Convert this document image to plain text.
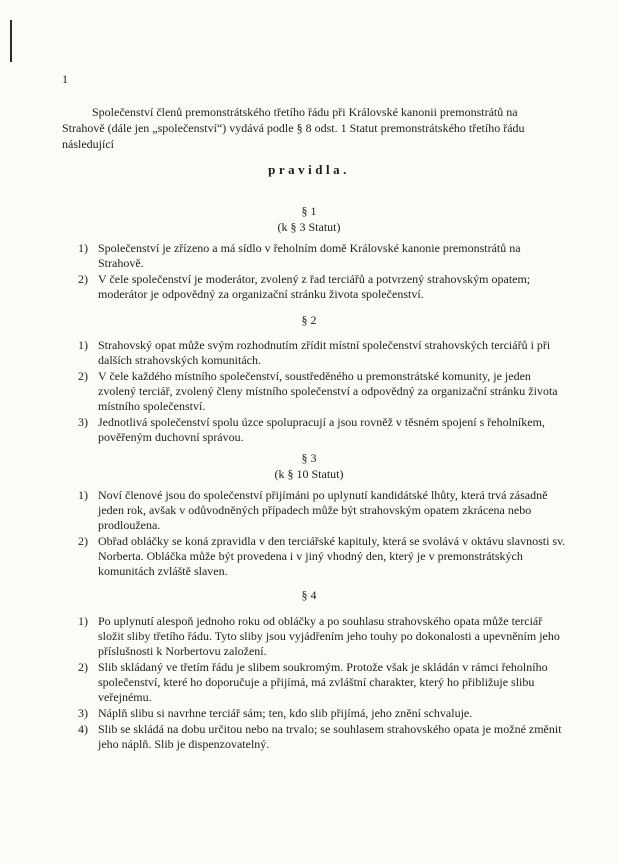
1

Společenství členů premonstrátského třetího řádu při Královské kanonii premonstrátů na
Strahově (dále jen „společenství“) vydává podle § 8 odst. 1 Statut premonstrátského třetího řádu následující

pravidla.
§ 1
(k § 3 Statut)
1) Společenství je zřízeno a má sídlo v řeholním domě Královské kanonie premonstrátů na Strahově.
2) V čele společenství je moderátor, zvolený z řad terciářů a potvrzený strahovským opatem; moderátor je odpovědný za organizační stránku života společenství.
§ 2
1) Strahovský opat může svým rozhodnutím zřídit místní společenství strahovských terciářů i při dalších strahovských komunitách.
2) V čele každého místního společenství, soustředěného u premonstrátské komunity, je jeden zvolený terciář, zvolený členy místního společenství a odpovědný za organizační stránku života místního společenství.
3) Jednotlivá společenství spolu úzce spolupracují a jsou rovněž v těsném spojení s řeholníkem, pověřeným duchovní správou.
§ 3
(k § 10 Statut)
1) Noví členové jsou do společenství přijímáni po uplynutí kandidátské lhůty, která trvá zásadně jeden rok, avšak v odůvodněných případech může být strahovským opatem zkrácena nebo prodloužena.
2) Obřad obláčky se koná zpravidla v den terciářské kapituly, která se svolává v oktávu slavnosti sv. Norberta. Obláčka může být provedena i v jiný vhodný den, který je v premonstrátských komunitách zvláště slaven.
§ 4
1) Po uplynutí alespoň jednoho roku od obláčky a po souhlasu strahovského opata může terciář složit sliby třetího řádu. Tyto sliby jsou vyjádřením jeho touhy po dokonalosti a upevněním jeho příslušnosti k Norbertovu založení.
2) Slib skládaný ve třetím řádu je slibem soukromým. Protože však je skládán v rámci řeholního společenství, které ho doporučuje a přijímá, má zvláštní charakter, který ho přibližuje slibu veřejnému.
3) Náplň slibu si navrhne terciář sám; ten, kdo slib přijímá, jeho znění schvaluje.
4) Slib se skládá na dobu určitou nebo na trvalo; se souhlasem strahovského opata je možné změnit jeho náplň. Slib je dispenzovatelný.
